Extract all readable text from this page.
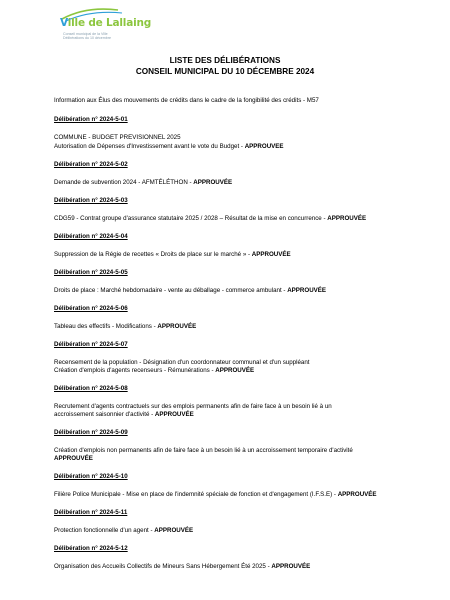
Ville de Lallaing
Conseil municipal de la Ville
Délibérations du 10 décembre
LISTE DES DÉLIBÉRATIONS
CONSEIL MUNICIPAL DU 10 DÉCEMBRE 2024
Information aux Élus des mouvements de crédits dans le cadre de la fongibilité des crédits - M57
Délibération n° 2024-5-01
COMMUNE - BUDGET PREVISIONNEL 2025
Autorisation de Dépenses d'Investissement avant le vote du Budget - APPROUVEE
Délibération n° 2024-5-02
Demande de subvention 2024 - AFMTÉLÉTHON - APPROUVÉE
Délibération n° 2024-5-03
CDG59 - Contrat groupe d'assurance statutaire 2025 / 2028 – Résultat de la mise en concurrence - APPROUVÉE
Délibération n° 2024-5-04
Suppression de la Régie de recettes « Droits de place sur le marché » - APPROUVÉE
Délibération n° 2024-5-05
Droits de place : Marché hebdomadaire - vente au déballage - commerce ambulant - APPROUVÉE
Délibération n° 2024-5-06
Tableau des effectifs - Modifications - APPROUVÉE
Délibération n° 2024-5-07
Recensement de la population - Désignation d'un coordonnateur communal et d'un suppléant
Création d'emplois d'agents recenseurs - Rémunérations - APPROUVÉE
Délibération n° 2024-5-08
Recrutement d'agents contractuels sur des emplois permanents afin de faire face à un besoin lié à un
accroissement saisonnier d'activité - APPROUVÉE
Délibération n° 2024-5-09
Création d'emplois non permanents afin de faire face à un besoin lié à un accroissement temporaire d'activité
APPROUVÉE
Délibération n° 2024-5-10
Filière Police Municipale - Mise en place de l'indemnité spéciale de fonction et d'engagement (I.F.S.E) - APPROUVÉE
Délibération n° 2024-5-11
Protection fonctionnelle d'un agent - APPROUVÉE
Délibération n° 2024-5-12
Organisation des Accueils Collectifs de Mineurs Sans Hébergement Été 2025 - APPROUVÉE
